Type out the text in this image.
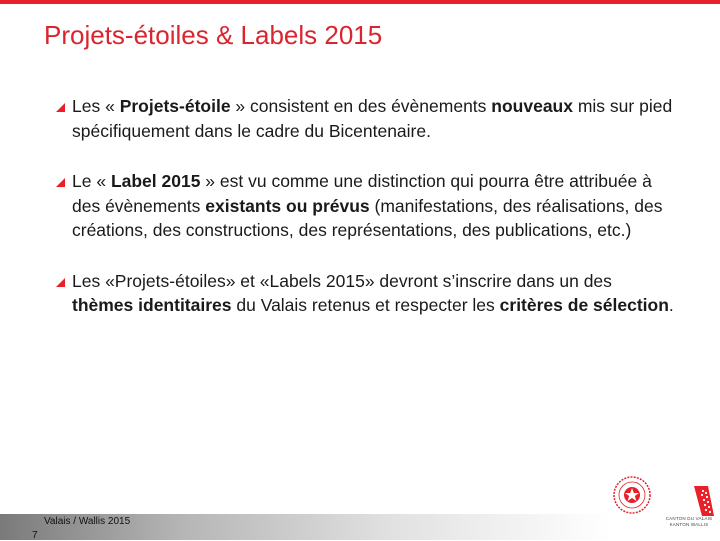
Projets-étoiles & Labels 2015
Les « Projets-étoile » consistent en des évènements nouveaux mis sur pied spécifiquement dans le cadre du Bicentenaire.
Le « Label 2015 » est vu comme une distinction qui pourra être attribuée à des évènements existants ou prévus (manifestations, des réalisations, des créations, des constructions, des représentations, des publications, etc.)
Les «Projets-étoiles» et «Labels 2015» devront s’inscrire dans un des thèmes identitaires du Valais retenus et respecter les critères de sélection.
Valais / Wallis 2015
7
CANTON DU VALAIS
KANTON WALLIS
